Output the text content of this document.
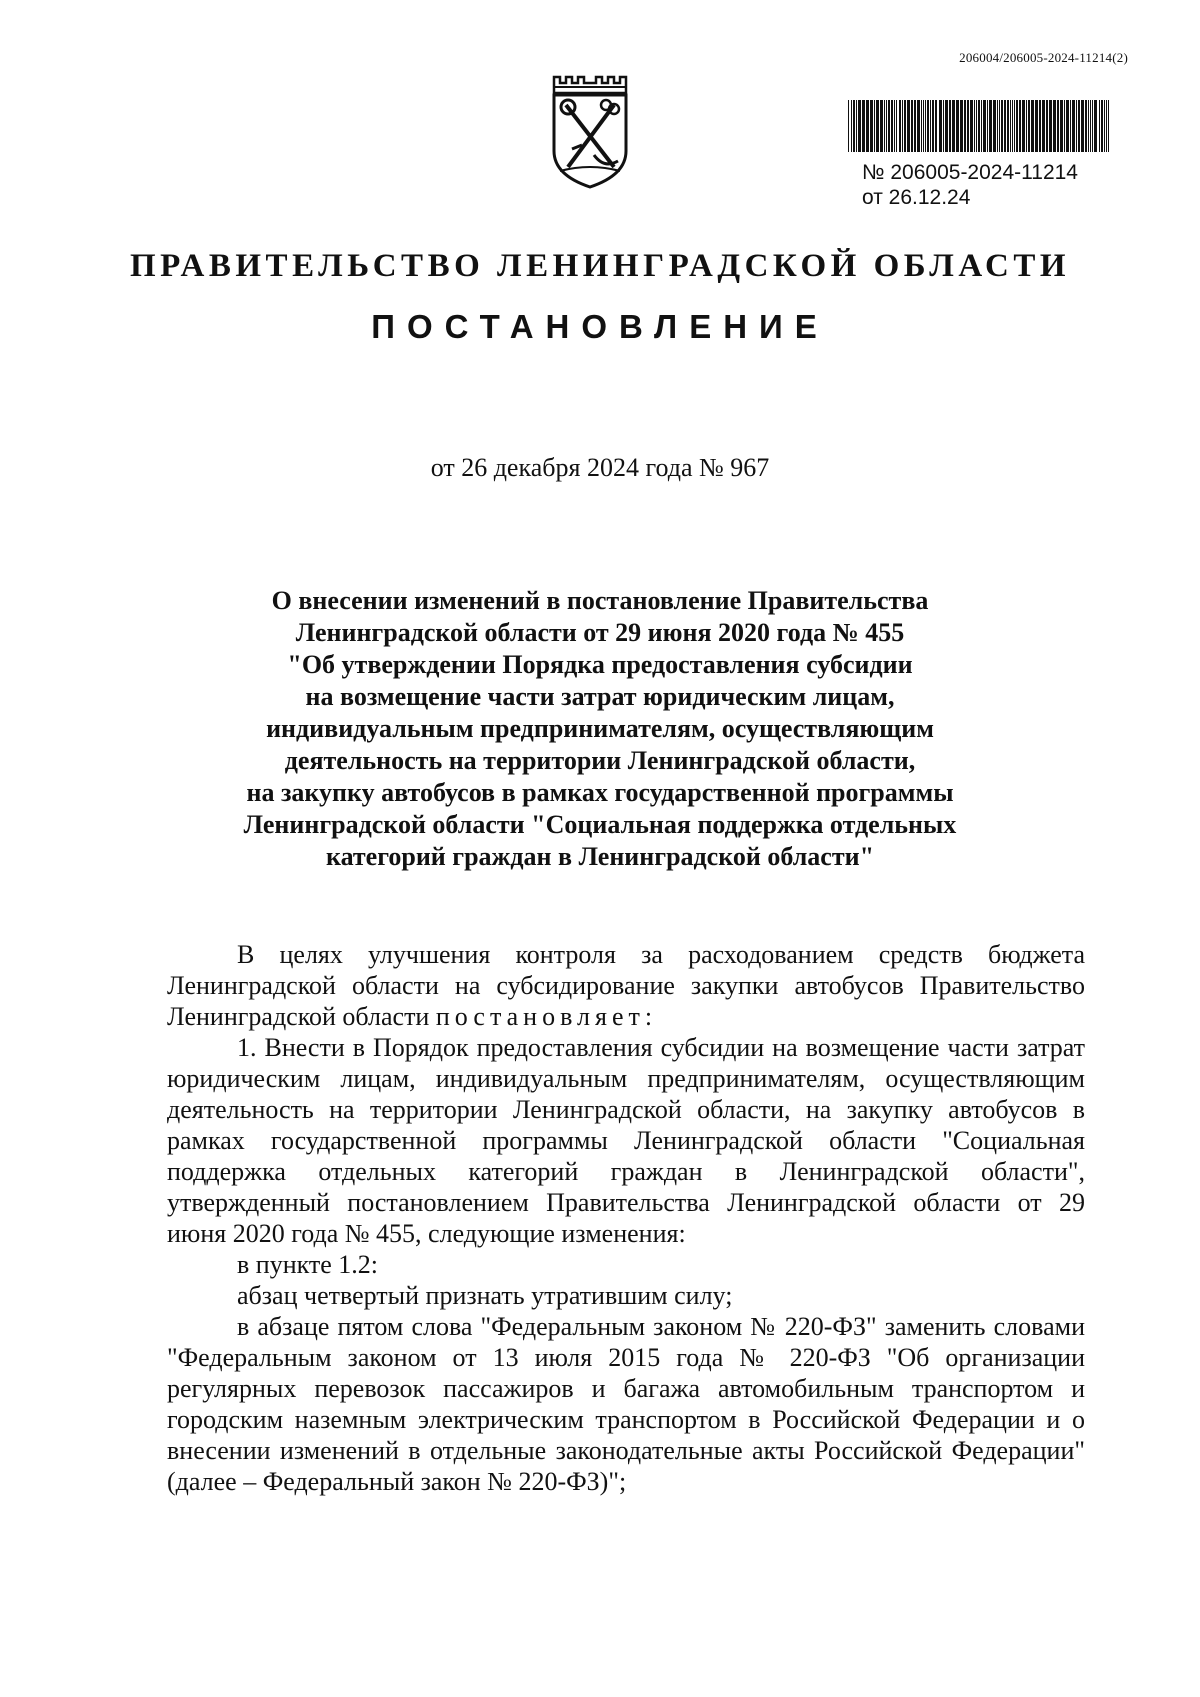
206004/206005-2024-11214(2)
№ 206005-2024-11214
от 26.12.24
ПРАВИТЕЛЬСТВО ЛЕНИНГРАДСКОЙ ОБЛАСТИ
ПОСТАНОВЛЕНИЕ
от 26 декабря 2024 года № 967
О внесении изменений в постановление Правительства
Ленинградской области от 29 июня 2020 года № 455
"Об утверждении Порядка предоставления субсидии
на возмещение части затрат юридическим лицам,
индивидуальным предпринимателям, осуществляющим
деятельность на территории Ленинградской области,
на закупку автобусов в рамках государственной программы
Ленинградской области "Социальная поддержка отдельных
категорий граждан в Ленинградской области"

В целях улучшения контроля за расходованием средств бюджета Ленинградской области на субсидирование закупки автобусов Правительство Ленинградской области постановляет:

1. Внести в Порядок предоставления субсидии на возмещение части затрат юридическим лицам, индивидуальным предпринимателям, осуществляющим деятельность на территории Ленинградской области, на закупку автобусов в рамках государственной программы Ленинградской области "Социальная поддержка отдельных категорий граждан в Ленинградской области", утвержденный постановлением Правительства Ленинградской области от 29 июня 2020 года № 455, следующие изменения:

в пункте 1.2:

абзац четвертый признать утратившим силу;

в абзаце пятом слова "Федеральным законом № 220-ФЗ" заменить словами "Федеральным законом от 13 июля 2015 года № 220-ФЗ "Об организации регулярных перевозок пассажиров и багажа автомобильным транспортом и городским наземным электрическим транспортом в Российской Федерации и о внесении изменений в отдельные законодательные акты Российской Федерации" (далее – Федеральный закон № 220-ФЗ)";
